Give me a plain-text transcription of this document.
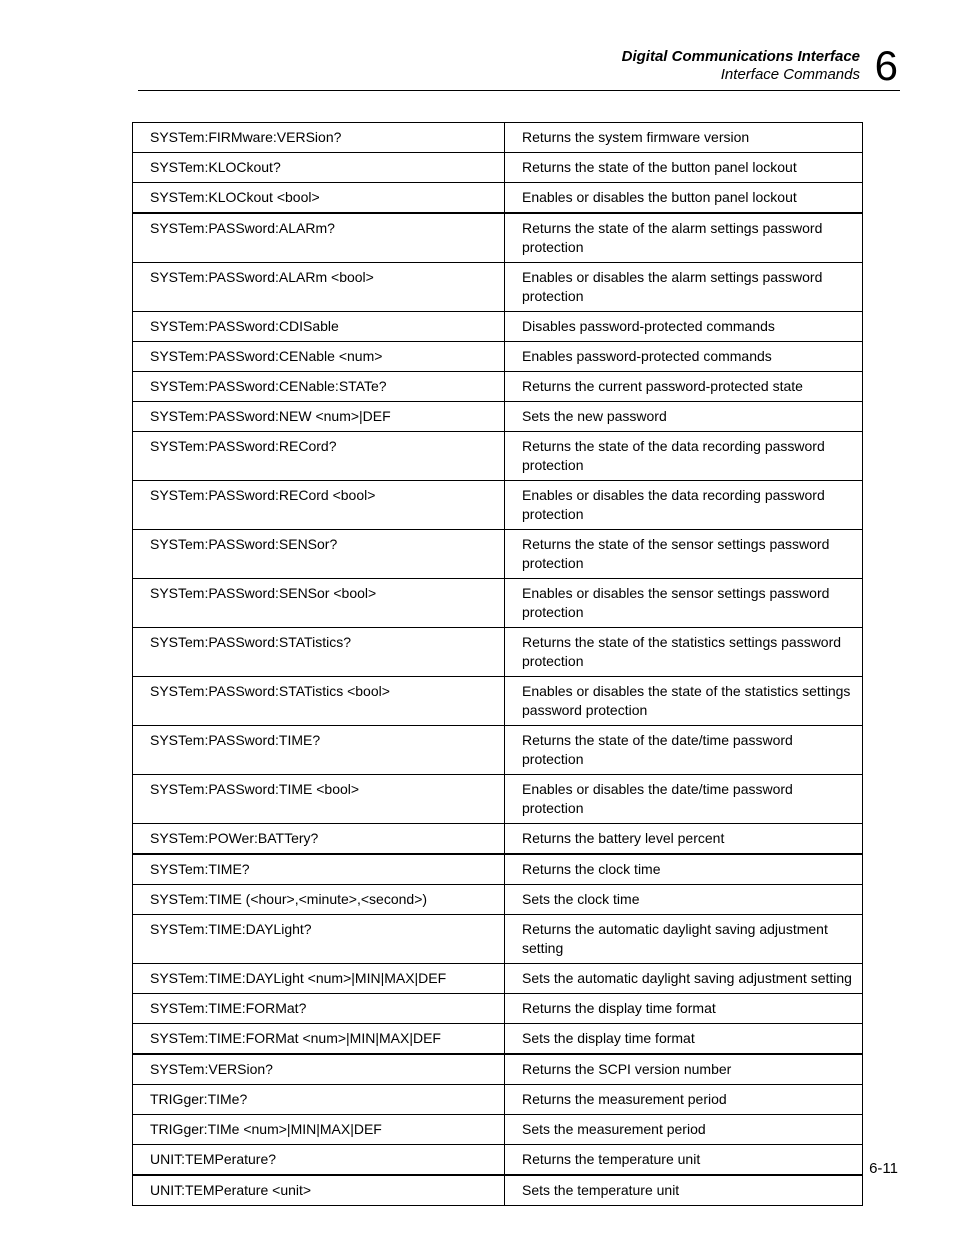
Digital Communications Interface
Interface Commands 6
SYSTem:FIRMware:VERSion?	Returns the system firmware version
SYSTem:KLOCkout?	Returns the state of the button panel lockout
SYSTem:KLOCkout <bool>	Enables or disables the button panel lockout
SYSTem:PASSword:ALARm?	Returns the state of the alarm settings password protection
SYSTem:PASSword:ALARm <bool>	Enables or disables the alarm settings password protection
SYSTem:PASSword:CDISable	Disables password-protected commands
SYSTem:PASSword:CENable <num>	Enables password-protected commands
SYSTem:PASSword:CENable:STATe?	Returns the current password-protected state
SYSTem:PASSword:NEW <num>|DEF	Sets the new password
SYSTem:PASSword:RECord?	Returns the state of the data recording password protection
SYSTem:PASSword:RECord <bool>	Enables or disables the data recording password protection
SYSTem:PASSword:SENSor?	Returns the state of the sensor settings password protection
SYSTem:PASSword:SENSor <bool>	Enables or disables the sensor settings password protection
SYSTem:PASSword:STATistics?	Returns the state of the statistics settings password protection
SYSTem:PASSword:STATistics <bool>	Enables or disables the state of the statistics settings password protection
SYSTem:PASSword:TIME?	Returns the state of the date/time password protection
SYSTem:PASSword:TIME <bool>	Enables or disables the date/time password protection
SYSTem:POWer:BATTery?	Returns the battery level percent
SYSTem:TIME?	Returns the clock time
SYSTem:TIME (<hour>,<minute>,<second>)	Sets the clock time
SYSTem:TIME:DAYLight?	Returns the automatic daylight saving adjustment setting
SYSTem:TIME:DAYLight <num>|MIN|MAX|DEF	Sets the automatic daylight saving adjustment setting
SYSTem:TIME:FORMat?	Returns the display time format
SYSTem:TIME:FORMat <num>|MIN|MAX|DEF	Sets the display time format
SYSTem:VERSion?	Returns the SCPI version number
TRIGger:TIMe?	Returns the measurement period
TRIGger:TIMe <num>|MIN|MAX|DEF	Sets the measurement period
UNIT:TEMPerature?	Returns the temperature unit
UNIT:TEMPerature <unit>	Sets the temperature unit
6-11
